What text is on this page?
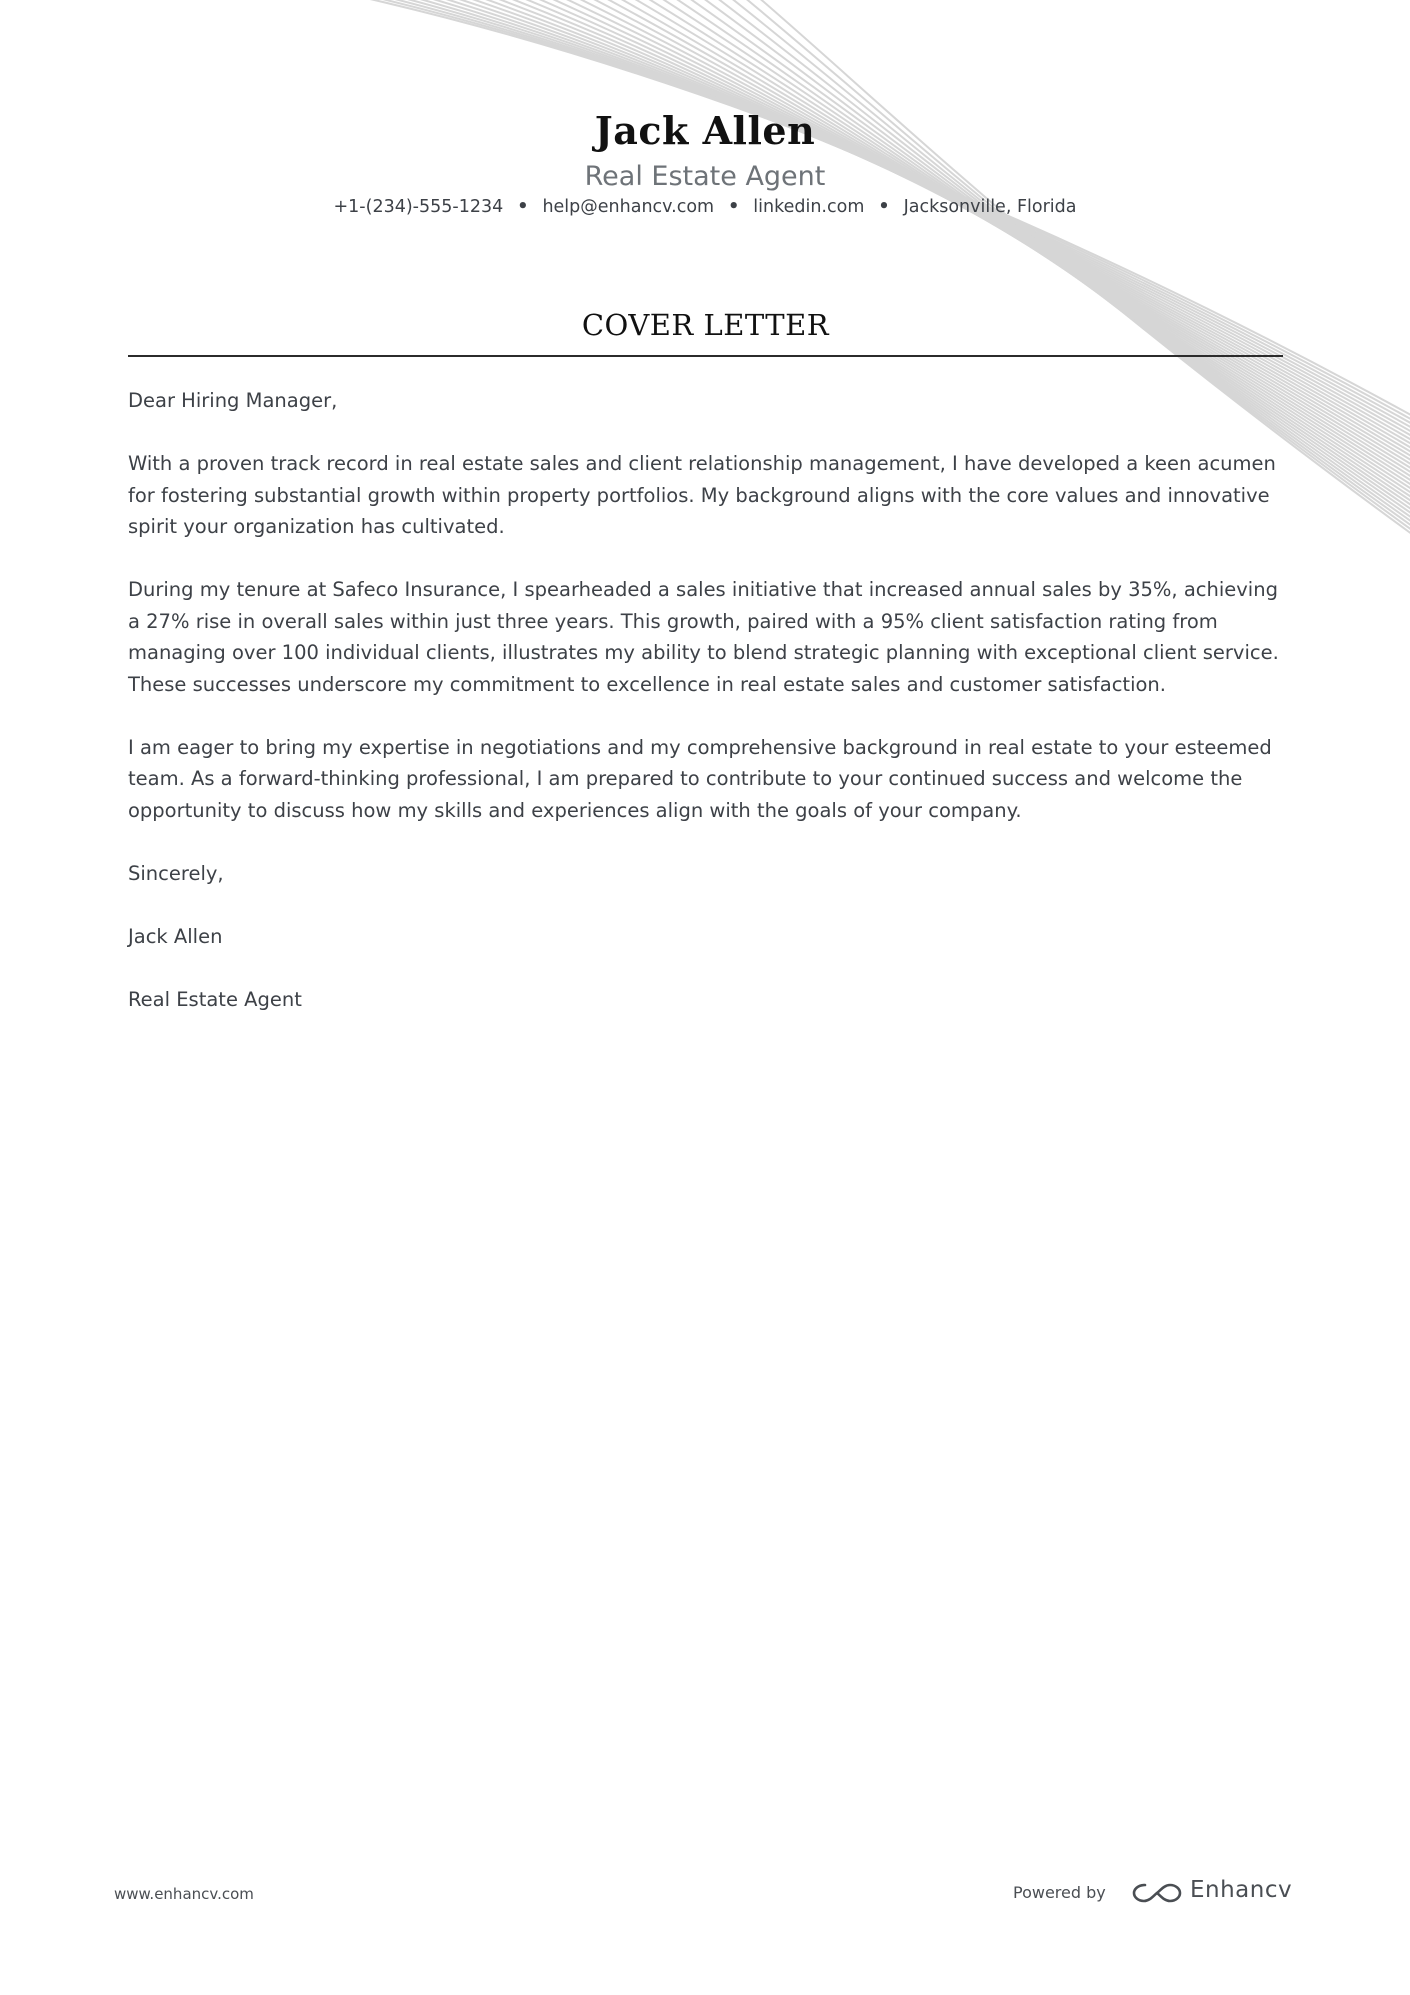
Jack Allen
Real Estate Agent
+1-(234)-555-1234 • help@enhancv.com • linkedin.com • Jacksonville, Florida
COVER LETTER

Dear Hiring Manager,

With a proven track record in real estate sales and client relationship management, I have developed a keen acumen for fostering substantial growth within property portfolios. My background aligns with the core values and innovative spirit your organization has cultivated.

During my tenure at Safeco Insurance, I spearheaded a sales initiative that increased annual sales by 35%, achieving a 27% rise in overall sales within just three years. This growth, paired with a 95% client satisfaction rating from managing over 100 individual clients, illustrates my ability to blend strategic planning with exceptional client service. These successes underscore my commitment to excellence in real estate sales and customer satisfaction.

I am eager to bring my expertise in negotiations and my comprehensive background in real estate to your esteemed team. As a forward-thinking professional, I am prepared to contribute to your continued success and welcome the opportunity to discuss how my skills and experiences align with the goals of your company.

Sincerely,

Jack Allen

Real Estate Agent

www.enhancv.com	Powered by	Enhancv
